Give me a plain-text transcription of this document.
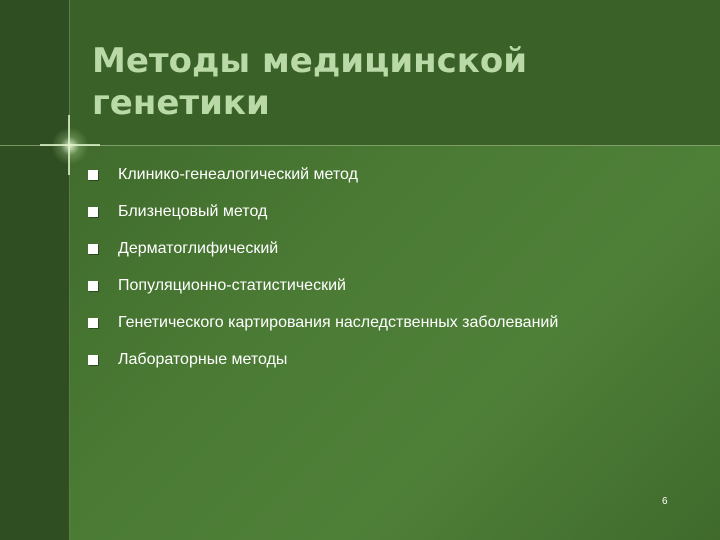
Методы медицинской
генетики
Клинико-генеалогический метод
Близнецовый метод
Дерматоглифический
Популяционно-статистический
Генетического картирования наследственных заболеваний
Лабораторные методы
6
